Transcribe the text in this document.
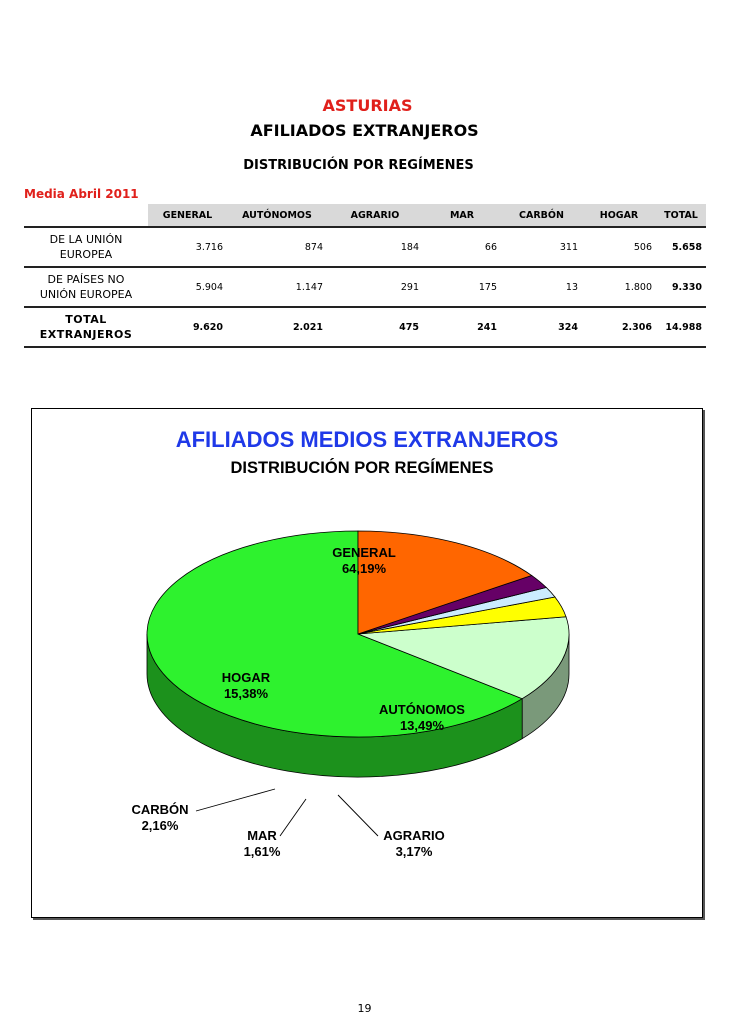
ASTURIAS
AFILIADOS EXTRANJEROS
DISTRIBUCIÓN POR REGÍMENES
Media Abril 2011
	GENERAL	AUTÓNOMOS	AGRARIO	MAR	CARBÓN	HOGAR	TOTAL
DE LA UNIÓN
EUROPEA	3.716	874	184	66	311	506	5.658
DE PAÍSES NO
UNIÓN EUROPEA	5.904	1.147	291	175	13	1.800	9.330
TOTAL
EXTRANJEROS	9.620	2.021	475	241	324	2.306	14.988
GENERAL
64,19%
AUTÓNOMOS
13,49%
AGRARIO
3,17%
MAR
1,61%
CARBÓN
2,16%
HOGAR
15,38%
AFILIADOS MEDIOS EXTRANJEROS
DISTRIBUCIÓN POR REGÍMENES
19
